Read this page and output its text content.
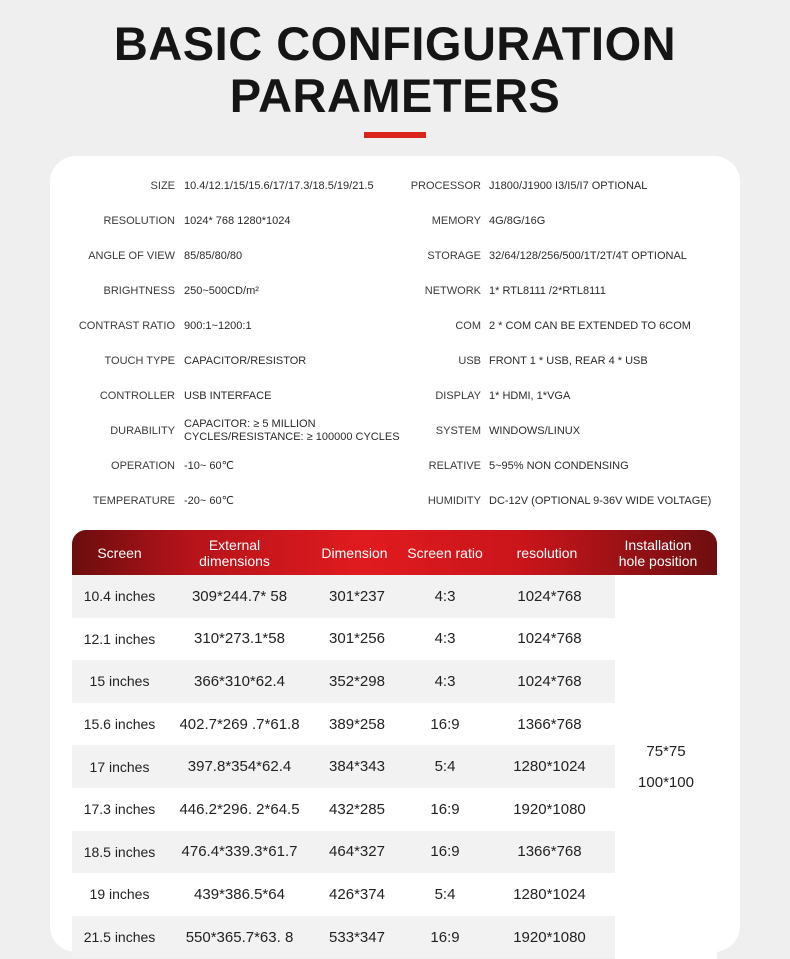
BASIC CONFIGURATION
PARAMETERS
SIZE 10.4/12.1/15/15.6/17/17.3/18.5/19/21.5
RESOLUTION 1024* 768 1280*1024
ANGLE OF VIEW 85/85/80/80
BRIGHTNESS 250~500CD/m²
CONTRAST RATIO 900:1~1200:1
TOUCH TYPE CAPACITOR/RESISTOR
CONTROLLER USB INTERFACE
DURABILITY
CAPACITOR: ≥ 5 MILLION
CYCLES/RESISTANCE: ≥ 100000 CYCLES
OPERATION -10~ 60℃
TEMPERATURE -20~ 60℃
PROCESSOR J1800/J1900 I3/I5/I7 OPTIONAL
MEMORY 4G/8G/16G
STORAGE 32/64/128/256/500/1T/2T/4T OPTIONAL
NETWORK 1* RTL8111 /2*RTL8111
COM 2 * COM CAN BE EXTENDED TO 6COM
USB FRONT 1 * USB, REAR 4 * USB
DISPLAY 1* HDMI, 1*VGA
SYSTEM WINDOWS/LINUX
RELATIVE 5~95% NON CONDENSING
HUMIDITY DC-12V (OPTIONAL 9-36V WIDE VOLTAGE)
Screen	External dimensions	Dimension	Screen ratio	resolution	Installation hole position
10.4 inches	309*244.7* 58	301*237	4:3	1024*768
12.1 inches	310*273.1*58	301*256	4:3	1024*768
15 inches	366*310*62.4	352*298	4:3	1024*768
15.6 inches	402.7*269 .7*61.8	389*258	16:9	1366*768
17 inches	397.8*354*62.4	384*343	5:4	1280*1024
17.3 inches	446.2*296. 2*64.5	432*285	16:9	1920*1080
18.5 inches	476.4*339.3*61.7	464*327	16:9	1366*768
19 inches	439*386.5*64	426*374	5:4	1280*1024
21.5 inches	550*365.7*63. 8	533*347	16:9	1920*1080
75*75
100*100
